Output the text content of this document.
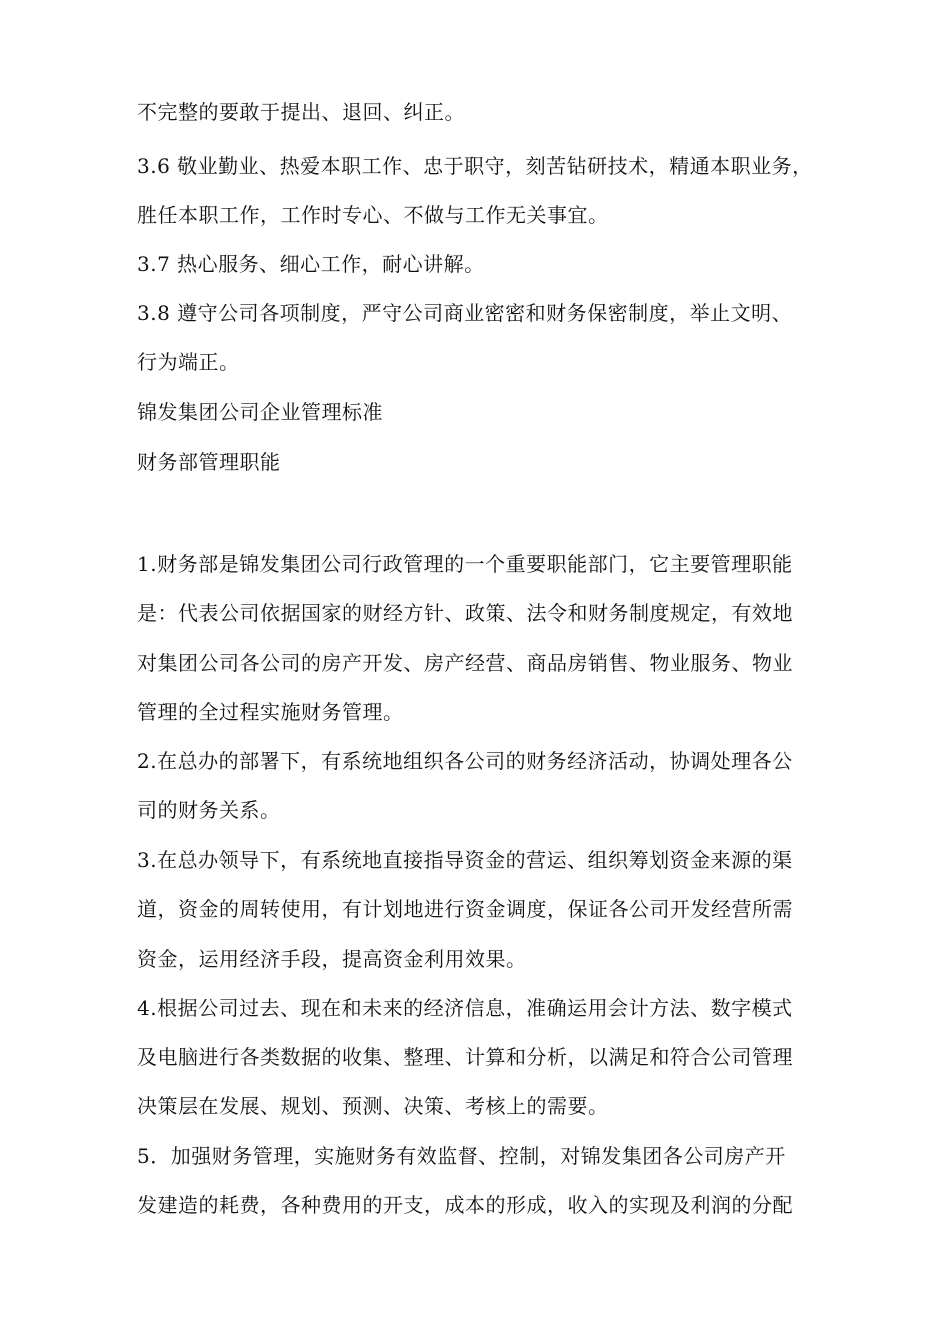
不完整的要敢于提出、退回、纠正。
3.6 敬业勤业、热爱本职工作、忠于职守，刻苦钻研技术，精通本职业务，
胜任本职工作，工作时专心、不做与工作无关事宜。
3.7 热心服务、细心工作，耐心讲解。
3.8 遵守公司各项制度，严守公司商业密密和财务保密制度，举止文明、
行为端正。
锦发集团公司企业管理标准
财务部管理职能
1.财务部是锦发集团公司行政管理的一个重要职能部门，它主要管理职能
是：代表公司依据国家的财经方针、政策、法令和财务制度规定，有效地
对集团公司各公司的房产开发、房产经营、商品房销售、物业服务、物业
管理的全过程实施财务管理。
2.在总办的部署下，有系统地组织各公司的财务经济活动，协调处理各公
司的财务关系。
3.在总办领导下，有系统地直接指导资金的营运、组织筹划资金来源的渠
道，资金的周转使用，有计划地进行资金调度，保证各公司开发经营所需
资金，运用经济手段，提高资金利用效果。
4.根据公司过去、现在和未来的经济信息，准确运用会计方法、数字模式
及电脑进行各类数据的收集、整理、计算和分析，以满足和符合公司管理
决策层在发展、规划、预测、决策、考核上的需要。
5．加强财务管理，实施财务有效监督、控制，对锦发集团各公司房产开
发建造的耗费，各种费用的开支，成本的形成，收入的实现及利润的分配
